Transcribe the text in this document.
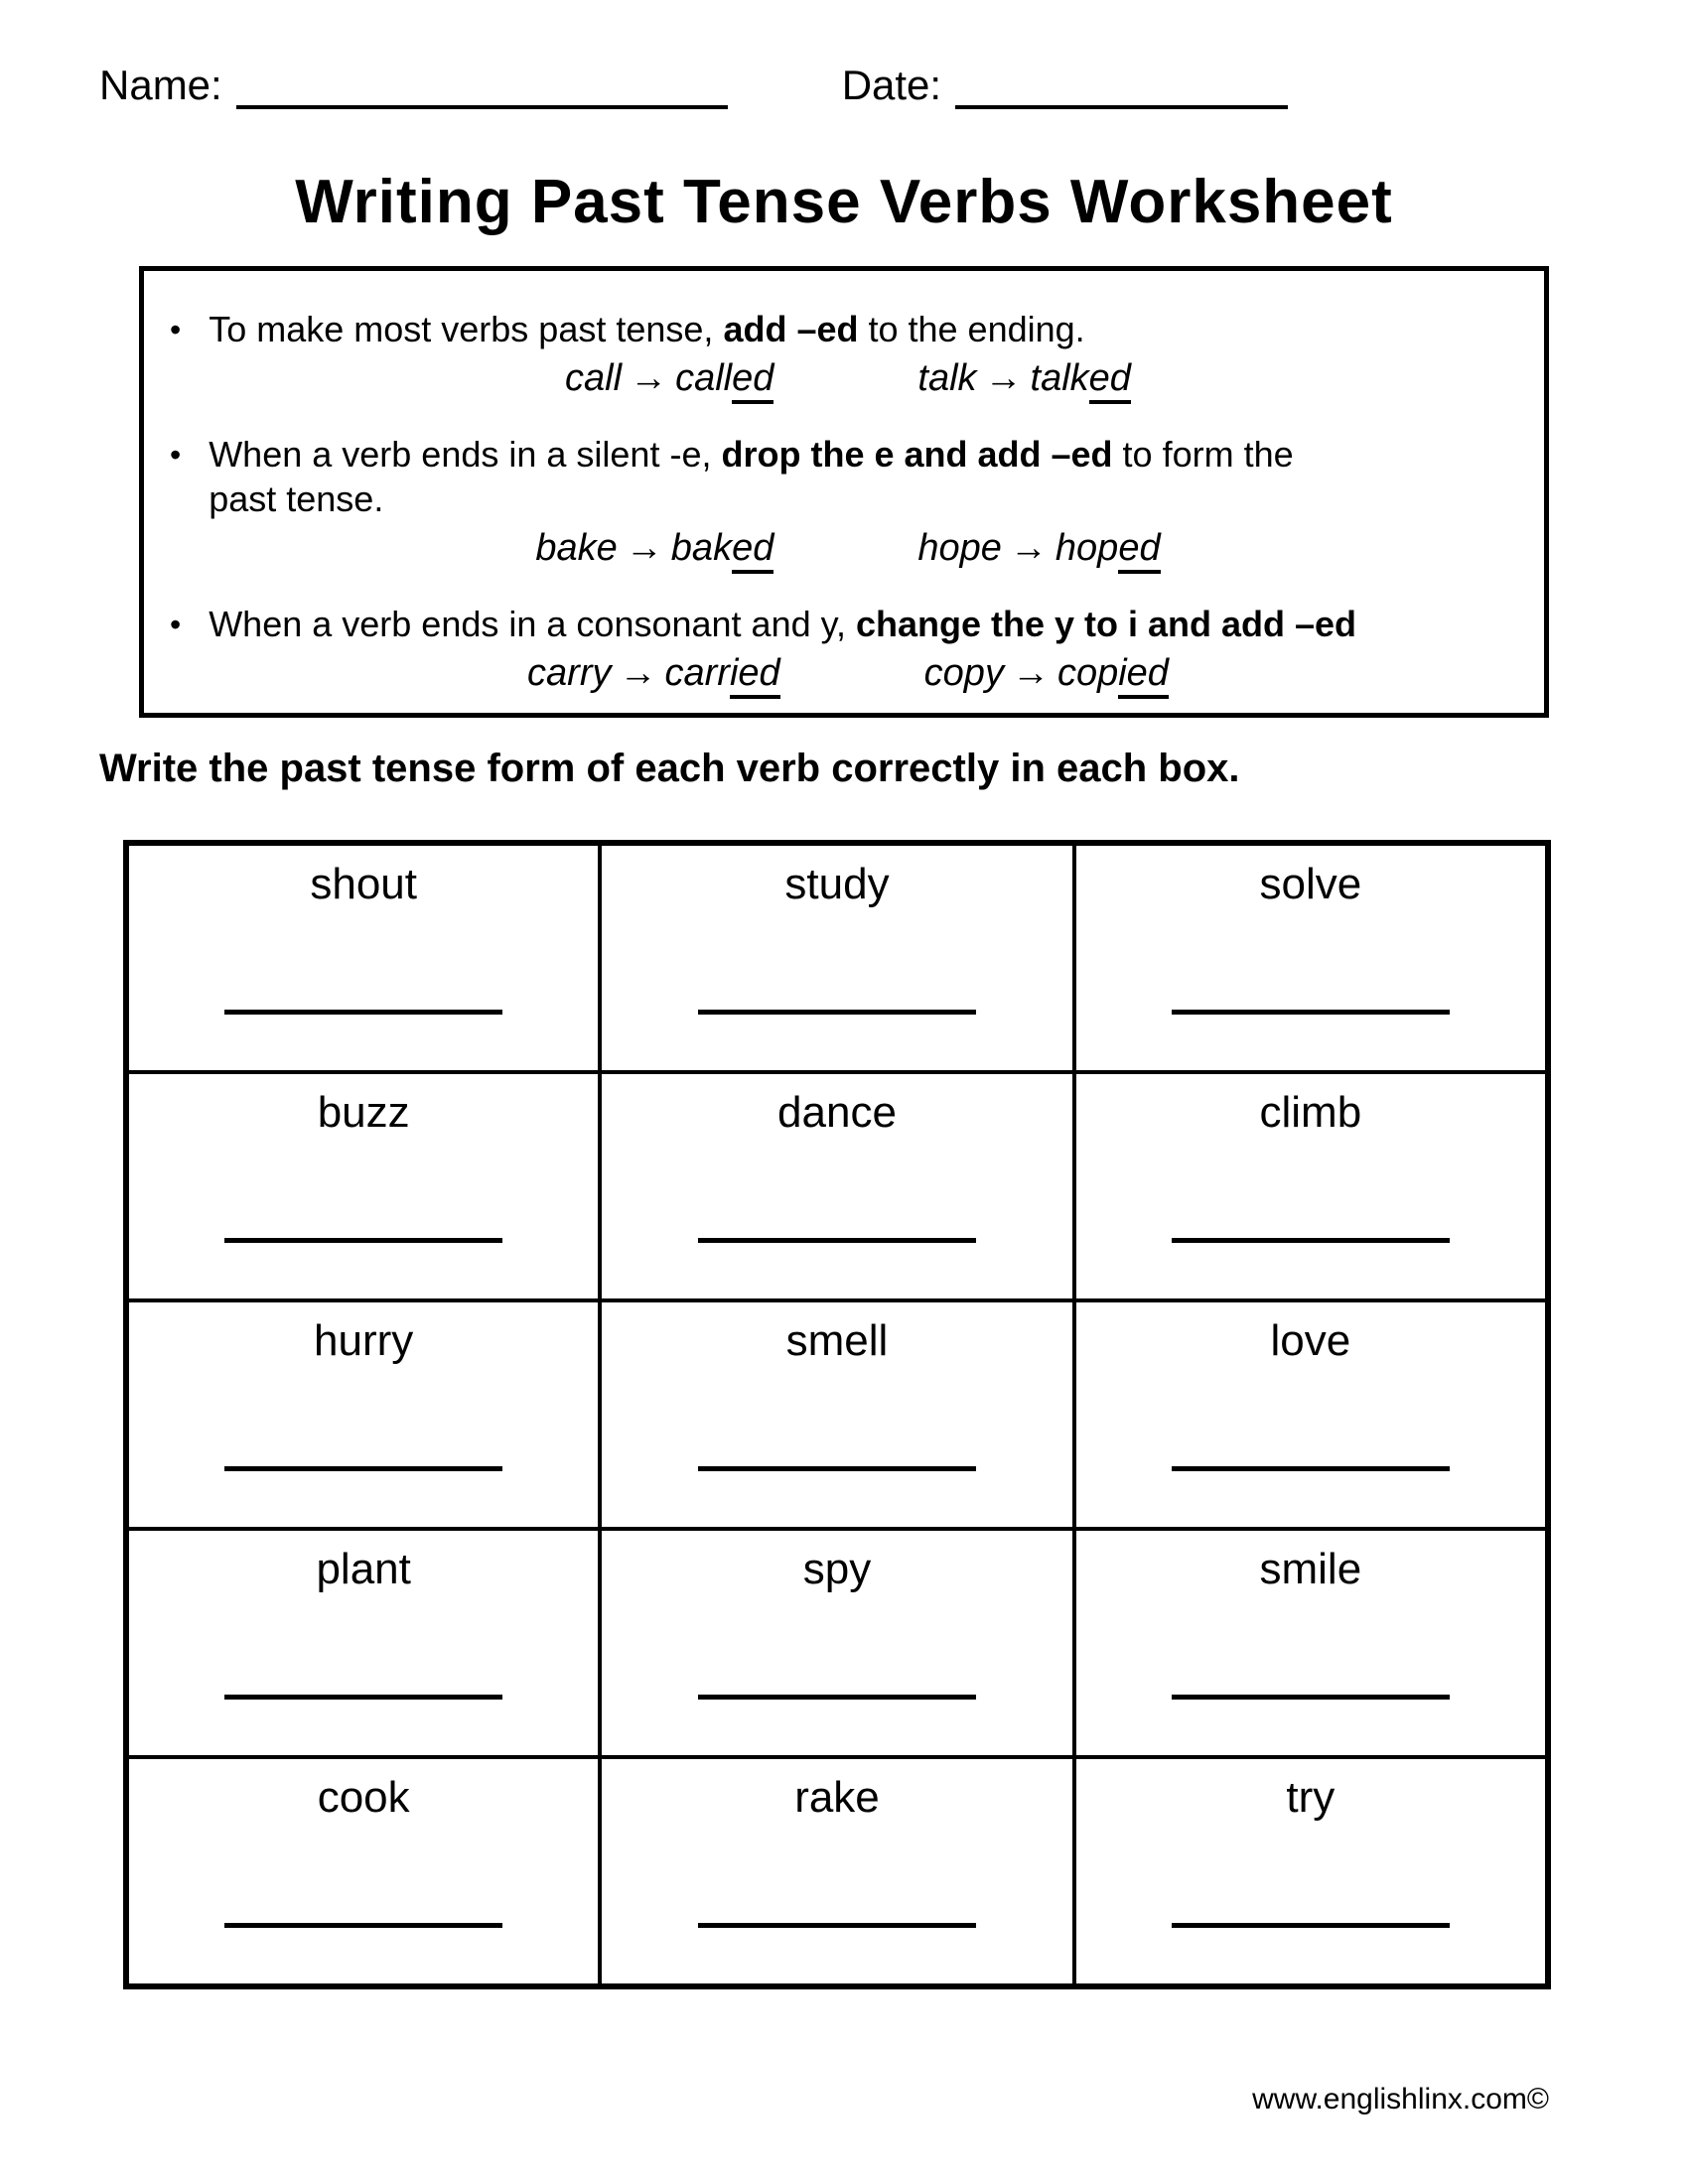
Name:	Date:
Writing Past Tense Verbs Worksheet
• To make most verbs past tense, add –ed to the ending.
call → called	talk → talked
• When a verb ends in a silent -e, drop the e and add –ed to form the
past tense.
bake → baked	hope → hoped
• When a verb ends in a consonant and y, change the y to i and add –ed
carry → carried	copy → copied
Write the past tense form of each verb correctly in each box.
shout	study	solve

buzz	dance	climb

hurry	smell	love

plant	spy	smile

cook	rake	try
www.englishlinx.com©
